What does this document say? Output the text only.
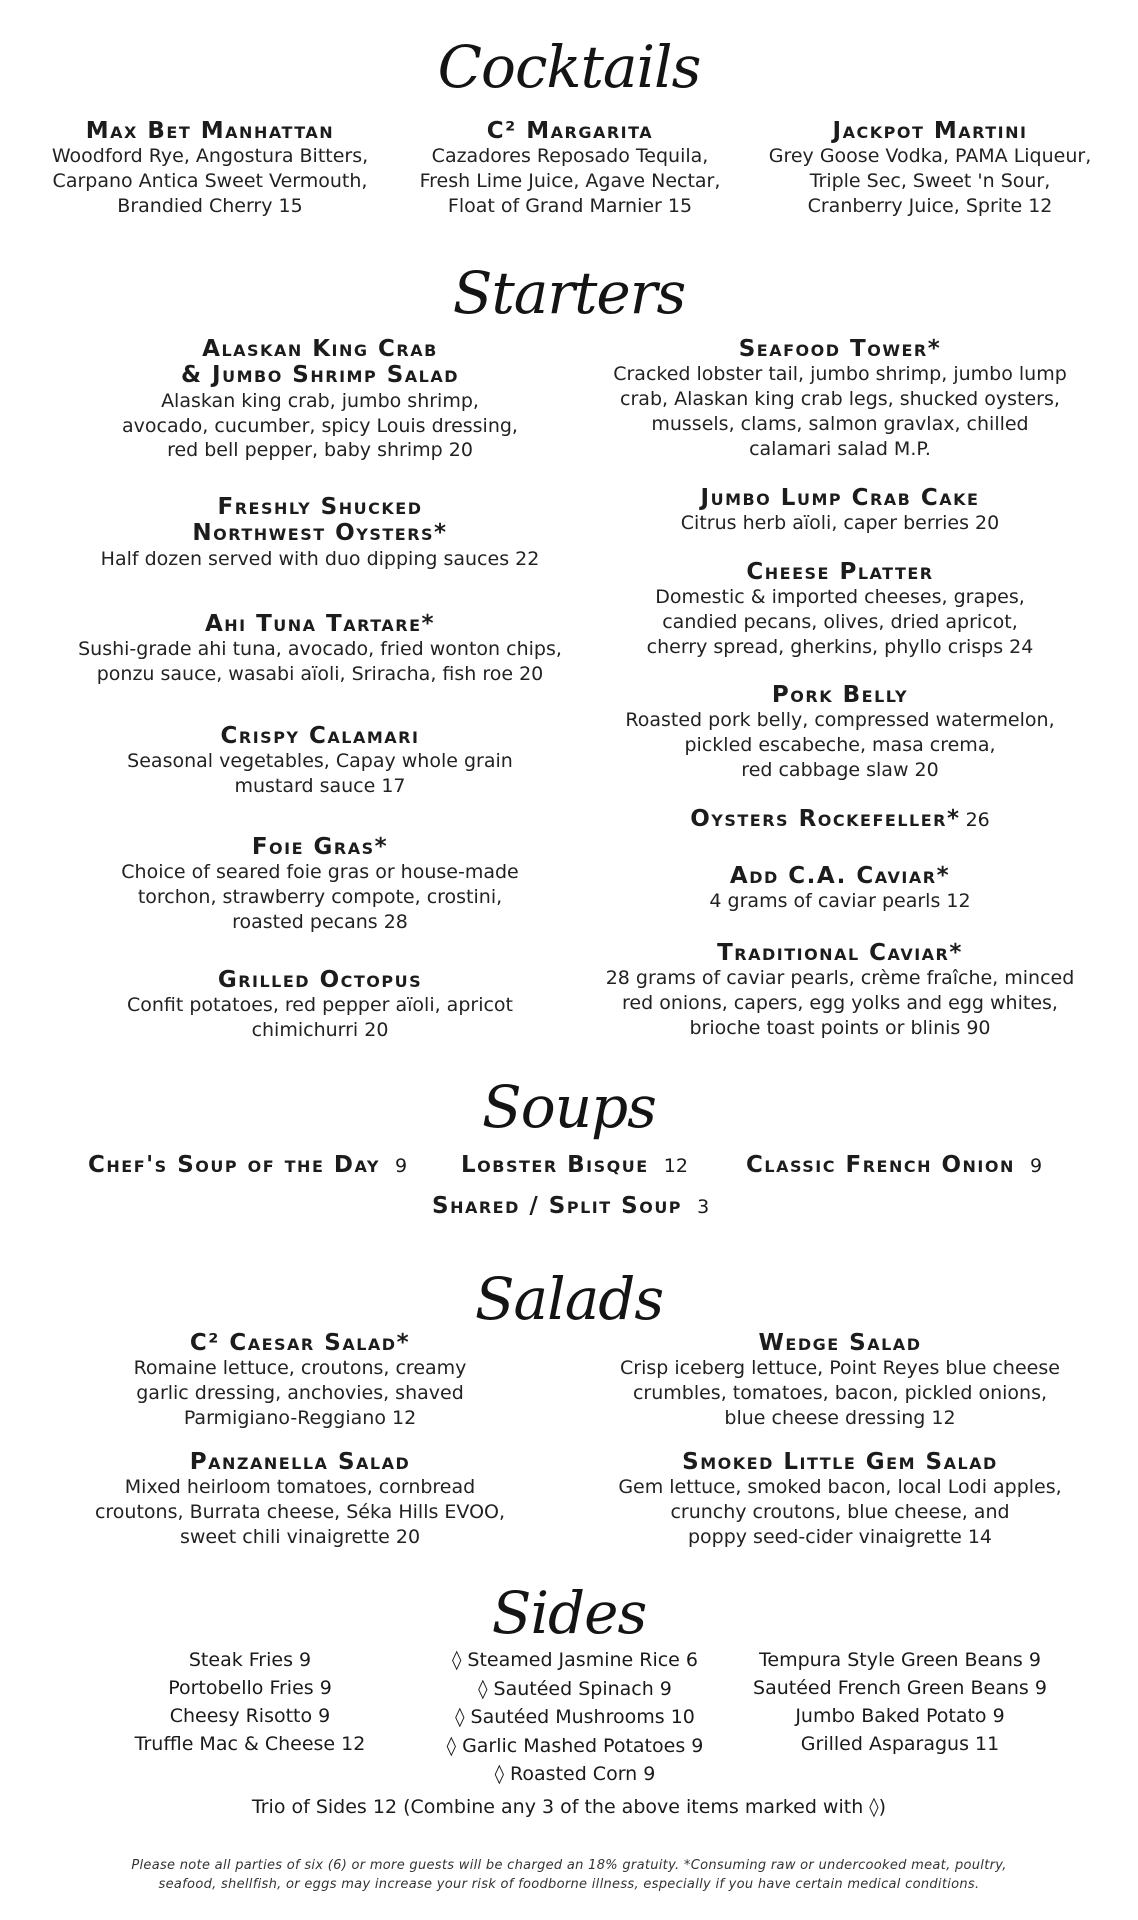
Cocktails
Max Bet Manhattan
Woodford Rye, Angostura Bitters,
Carpano Antica Sweet Vermouth,
Brandied Cherry 15
C² Margarita
Cazadores Reposado Tequila,
Fresh Lime Juice, Agave Nectar,
Float of Grand Marnier 15
Jackpot Martini
Grey Goose Vodka, PAMA Liqueur,
Triple Sec, Sweet 'n Sour,
Cranberry Juice, Sprite 12
Starters
Alaskan King Crab
& Jumbo Shrimp Salad
Alaskan king crab, jumbo shrimp,
avocado, cucumber, spicy Louis dressing,
red bell pepper, baby shrimp 20
Freshly Shucked
Northwest Oysters*
Half dozen served with duo dipping sauces 22
Ahi Tuna Tartare*
Sushi-grade ahi tuna, avocado, fried wonton chips,
ponzu sauce, wasabi aïoli, Sriracha, fish roe 20
Crispy Calamari
Seasonal vegetables, Capay whole grain
mustard sauce 17
Foie Gras*
Choice of seared foie gras or house-made
torchon, strawberry compote, crostini,
roasted pecans 28
Grilled Octopus
Confit potatoes, red pepper aïoli, apricot
chimichurri 20
Seafood Tower*
Cracked lobster tail, jumbo shrimp, jumbo lump
crab, Alaskan king crab legs, shucked oysters,
mussels, clams, salmon gravlax, chilled
calamari salad M.P.
Jumbo Lump Crab Cake
Citrus herb aïoli, caper berries 20
Cheese Platter
Domestic & imported cheeses, grapes,
candied pecans, olives, dried apricot,
cherry spread, gherkins, phyllo crisps 24
Pork Belly
Roasted pork belly, compressed watermelon,
pickled escabeche, masa crema,
red cabbage slaw 20
Oysters Rockefeller* 26
Add C.A. Caviar*
4 grams of caviar pearls 12
Traditional Caviar*
28 grams of caviar pearls, crème fraîche, minced
red onions, capers, egg yolks and egg whites,
brioche toast points or blinis 90
Soups
Chef's Soup of the Day 9 Lobster Bisque 12	Classic French Onion 9
Shared / Split Soup 3
Salads
C² Caesar Salad*
Romaine lettuce, croutons, creamy
garlic dressing, anchovies, shaved
Parmigiano-Reggiano 12
Wedge Salad
Crisp iceberg lettuce, Point Reyes blue cheese
crumbles, tomatoes, bacon, pickled onions,
blue cheese dressing 12
Panzanella Salad
Mixed heirloom tomatoes, cornbread
croutons, Burrata cheese, Séka Hills EVOO,
sweet chili vinaigrette 20
Smoked Little Gem Salad
Gem lettuce, smoked bacon, local Lodi apples,
crunchy croutons, blue cheese, and
poppy seed-cider vinaigrette 14
Sides
Steak Fries 9
Portobello Fries 9
Cheesy Risotto 9
Truffle Mac & Cheese 12
◊ Steamed Jasmine Rice 6
◊ Sautéed Spinach 9
◊ Sautéed Mushrooms 10
◊ Garlic Mashed Potatoes 9
◊ Roasted Corn 9
Tempura Style Green Beans 9
Sautéed French Green Beans 9
Jumbo Baked Potato 9
Grilled Asparagus 11
Trio of Sides 12 (Combine any 3 of the above items marked with ◊)
Please note all parties of six (6) or more guests will be charged an 18% gratuity. *Consuming raw or undercooked meat, poultry,
seafood, shellfish, or eggs may increase your risk of foodborne illness, especially if you have certain medical conditions.
